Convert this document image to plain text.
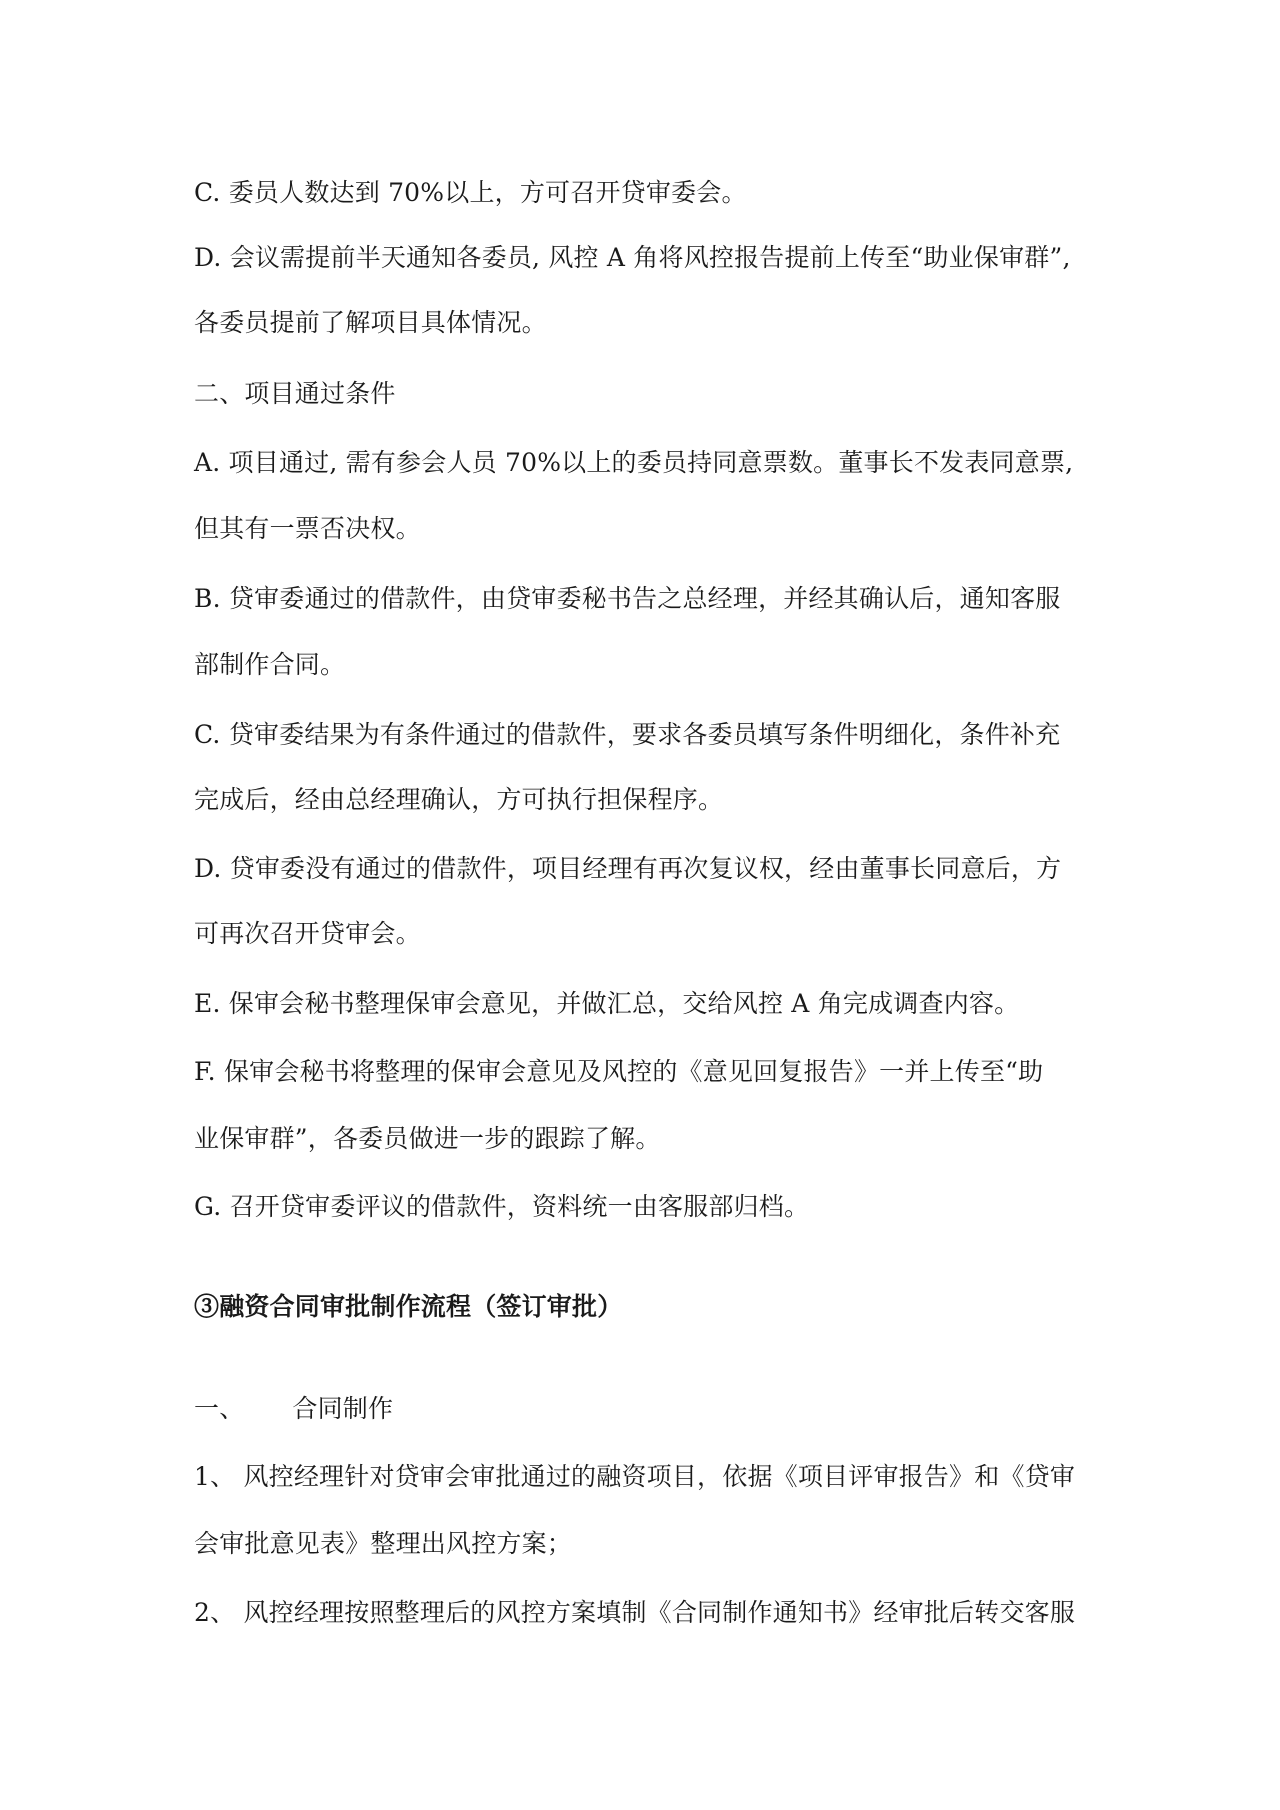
C. 委员人数达到 70%以上，方可召开贷审委会。
D. 会议需提前半天通知各委员, 风控 A 角将风控报告提前上传至“助业保审群”,
各委员提前了解项目具体情况。
二、项目通过条件
A. 项目通过, 需有参会人员 70%以上的委员持同意票数。董事长不发表同意票,
但其有一票否决权。
B. 贷审委通过的借款件，由贷审委秘书告之总经理，并经其确认后，通知客服
部制作合同。
C. 贷审委结果为有条件通过的借款件，要求各委员填写条件明细化，条件补充
完成后，经由总经理确认，方可执行担保程序。
D. 贷审委没有通过的借款件，项目经理有再次复议权，经由董事长同意后，方
可再次召开贷审会。
E. 保审会秘书整理保审会意见，并做汇总，交给风控 A 角完成调查内容。
F. 保审会秘书将整理的保审会意见及风控的《意见回复报告》一并上传至“助
业保审群”，各委员做进一步的跟踪了解。
G. 召开贷审委评议的借款件，资料统一由客服部归档。
③融资合同审批制作流程（签订审批）
一、 合同制作
1、 风控经理针对贷审会审批通过的融资项目，依据《项目评审报告》和《贷审
会审批意见表》整理出风控方案；
2、 风控经理按照整理后的风控方案填制《合同制作通知书》经审批后转交客服
